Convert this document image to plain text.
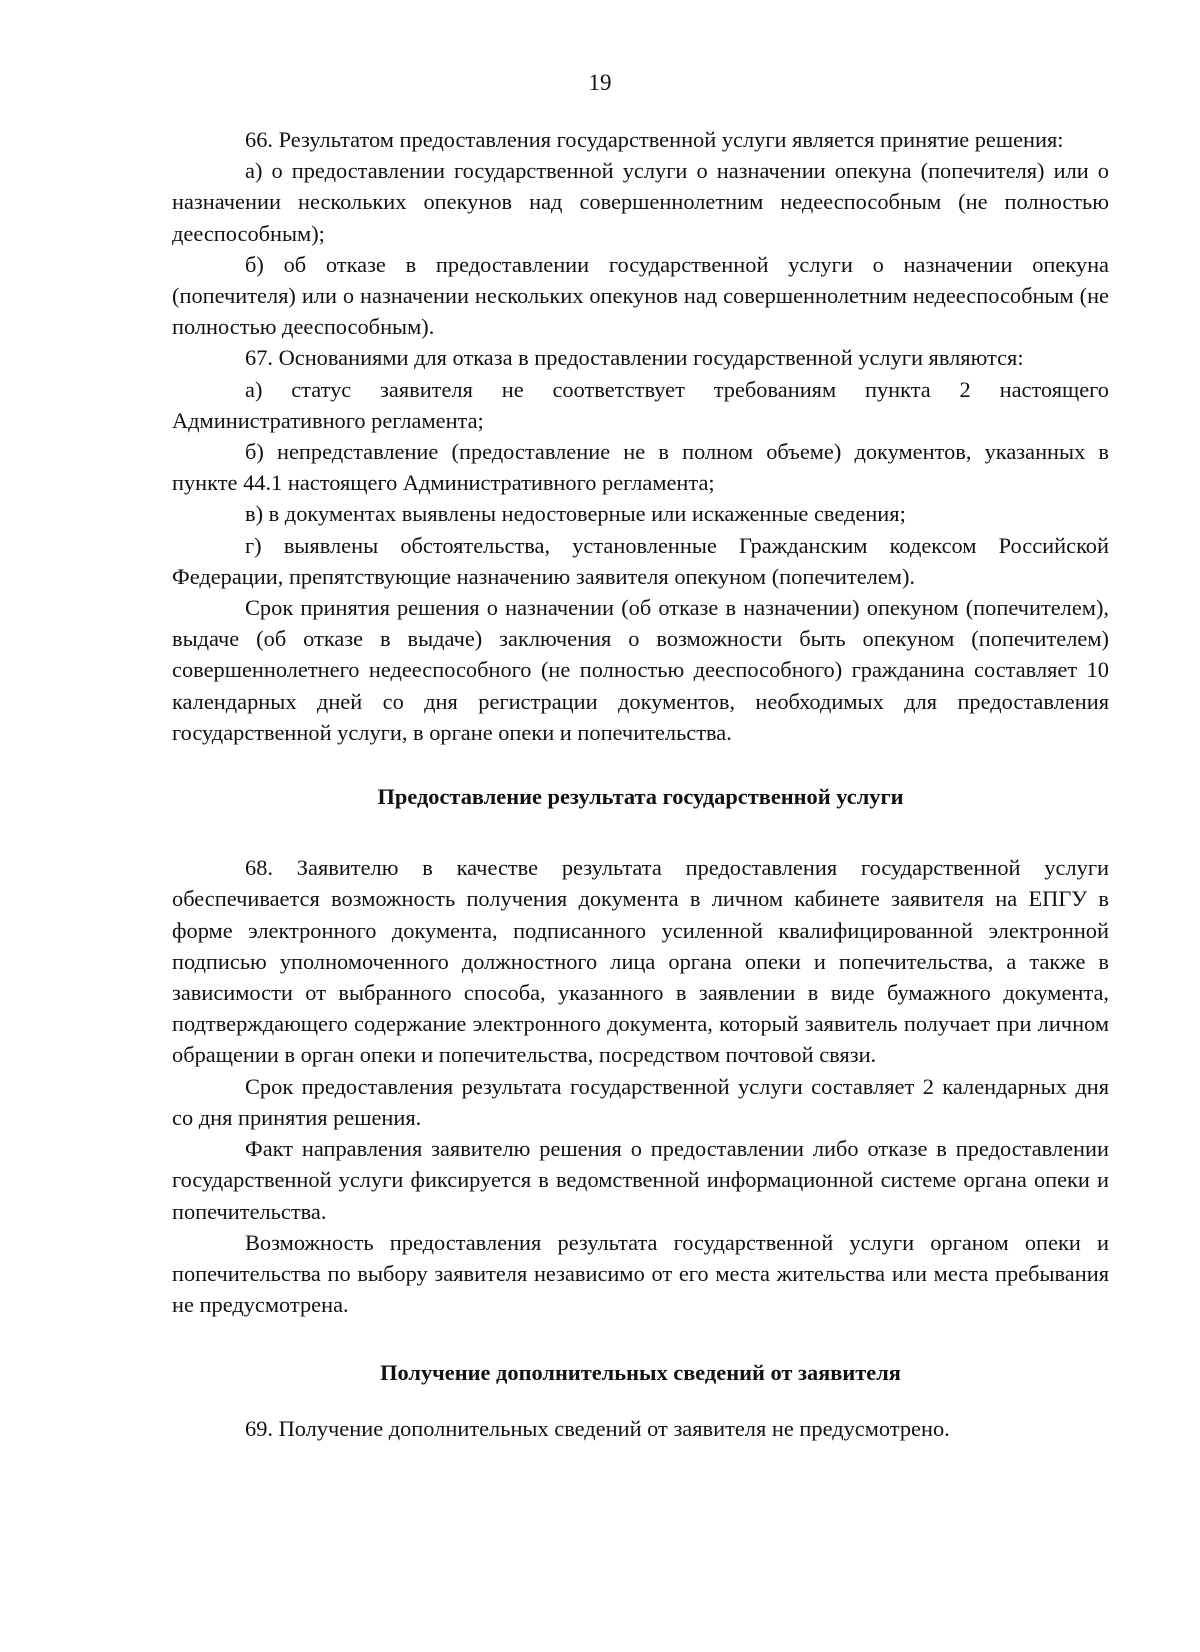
19

66. Результатом предоставления государственной услуги является принятие решения:

а) о предоставлении государственной услуги о назначении опекуна (попечителя) или о назначении нескольких опекунов над совершеннолетним недееспособным (не полностью дееспособным);

б) об отказе в предоставлении государственной услуги о назначении опекуна (попечителя) или о назначении нескольких опекунов над совершеннолетним недееспособным (не полностью дееспособным).

67. Основаниями для отказа в предоставлении государственной услуги являются:

а) статус заявителя не соответствует требованиям пункта 2 настоящего Административного регламента;

б) непредставление (предоставление не в полном объеме) документов, указанных в пункте 44.1 настоящего Административного регламента;

в) в документах выявлены недостоверные или искаженные сведения;

г) выявлены обстоятельства, установленные Гражданским кодексом Российской Федерации, препятствующие назначению заявителя опекуном (попечителем).

Срок принятия решения о назначении (об отказе в назначении) опекуном (попечителем), выдаче (об отказе в выдаче) заключения о возможности быть опекуном (попечителем) совершеннолетнего недееспособного (не полностью дееспособного) гражданина составляет 10 календарных дней со дня регистрации документов, необходимых для предоставления государственной услуги, в органе опеки и попечительства.

Предоставление результата государственной услуги

68. Заявителю в качестве результата предоставления государственной услуги обеспечивается возможность получения документа в личном кабинете заявителя на ЕПГУ в форме электронного документа, подписанного усиленной квалифицированной электронной подписью уполномоченного должностного лица органа опеки и попечительства, а также в зависимости от выбранного способа, указанного в заявлении в виде бумажного документа, подтверждающего содержание электронного документа, который заявитель получает при личном обращении в орган опеки и попечительства, посредством почтовой связи.

Срок предоставления результата государственной услуги составляет 2 календарных дня со дня принятия решения.

Факт направления заявителю решения о предоставлении либо отказе в предоставлении государственной услуги фиксируется в ведомственной информационной системе органа опеки и попечительства.

Возможность предоставления результата государственной услуги органом опеки и попечительства по выбору заявителя независимо от его места жительства или места пребывания не предусмотрена.

Получение дополнительных сведений от заявителя

69. Получение дополнительных сведений от заявителя не предусмотрено.
